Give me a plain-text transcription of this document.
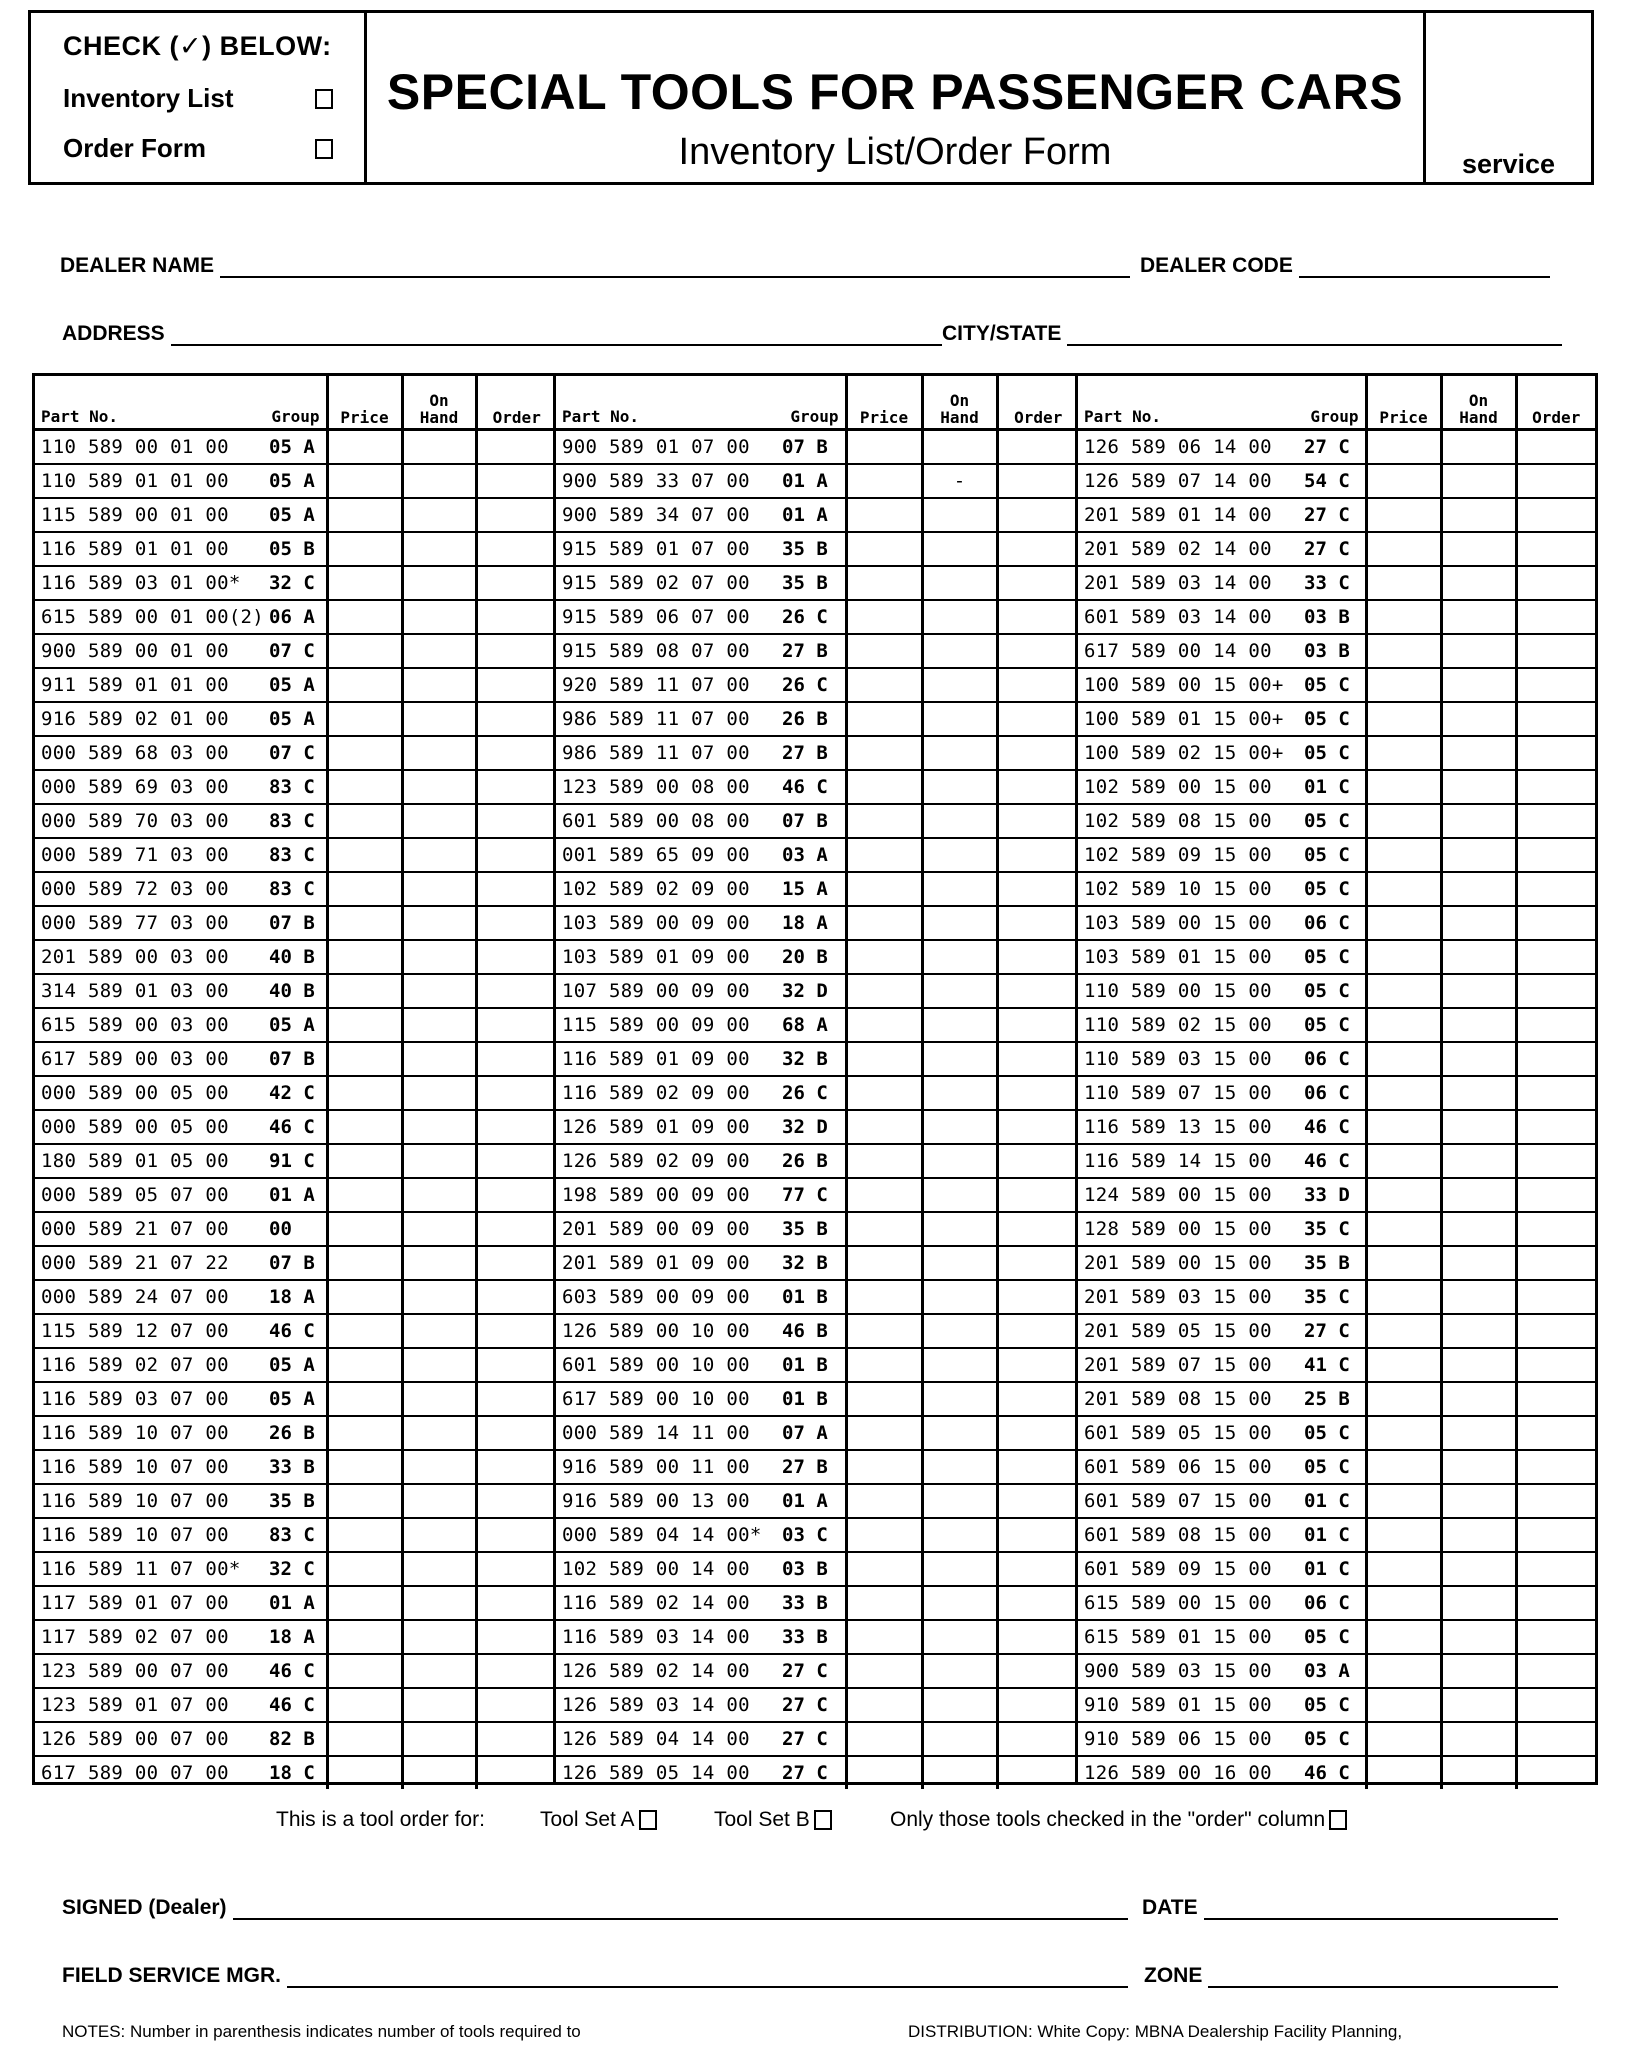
CHECK (✓) BELOW:
Inventory List
Order Form
SPECIAL TOOLS FOR PASSENGER CARS
Inventory List/Order Form	service
DEALER NAME	DEALER CODE
ADDRESS	CITY/STATE
Part No.	Group	Price	On
Hand	Order
110 589 00 01 00	05 A			
110 589 01 01 00	05 A			
115 589 00 01 00	05 A			
116 589 01 01 00	05 B			
116 589 03 01 00*	32 C			
615 589 00 01 00(2)	06 A			
900 589 00 01 00	07 C			
911 589 01 01 00	05 A			
916 589 02 01 00	05 A			
000 589 68 03 00	07 C			
000 589 69 03 00	83 C			
000 589 70 03 00	83 C			
000 589 71 03 00	83 C			
000 589 72 03 00	83 C			
000 589 77 03 00	07 B			
201 589 00 03 00	40 B			
314 589 01 03 00	40 B			
615 589 00 03 00	05 A			
617 589 00 03 00	07 B			
000 589 00 05 00	42 C			
000 589 00 05 00	46 C			
180 589 01 05 00	91 C			
000 589 05 07 00	01 A			
000 589 21 07 00	00			
000 589 21 07 22	07 B			
000 589 24 07 00	18 A			
115 589 12 07 00	46 C			
116 589 02 07 00	05 A			
116 589 03 07 00	05 A			
116 589 10 07 00	26 B			
116 589 10 07 00	33 B			
116 589 10 07 00	35 B			
116 589 10 07 00	83 C			
116 589 11 07 00*	32 C			
117 589 01 07 00	01 A			
117 589 02 07 00	18 A			
123 589 00 07 00	46 C			
123 589 01 07 00	46 C			
126 589 00 07 00	82 B			
617 589 00 07 00	18 C			
Part No.	Group	Price	On
Hand	Order
900 589 01 07 00	07 B			
900 589 33 07 00	01 A		-	
900 589 34 07 00	01 A			
915 589 01 07 00	35 B			
915 589 02 07 00	35 B			
915 589 06 07 00	26 C			
915 589 08 07 00	27 B			
920 589 11 07 00	26 C			
986 589 11 07 00	26 B			
986 589 11 07 00	27 B			
123 589 00 08 00	46 C			
601 589 00 08 00	07 B			
001 589 65 09 00	03 A			
102 589 02 09 00	15 A			
103 589 00 09 00	18 A			
103 589 01 09 00	20 B			
107 589 00 09 00	32 D			
115 589 00 09 00	68 A			
116 589 01 09 00	32 B			
116 589 02 09 00	26 C			
126 589 01 09 00	32 D			
126 589 02 09 00	26 B			
198 589 00 09 00	77 C			
201 589 00 09 00	35 B			
201 589 01 09 00	32 B			
603 589 00 09 00	01 B			
126 589 00 10 00	46 B			
601 589 00 10 00	01 B			
617 589 00 10 00	01 B			
000 589 14 11 00	07 A			
916 589 00 11 00	27 B			
916 589 00 13 00	01 A			
000 589 04 14 00*	03 C			
102 589 00 14 00	03 B			
116 589 02 14 00	33 B			
116 589 03 14 00	33 B			
126 589 02 14 00	27 C			
126 589 03 14 00	27 C			
126 589 04 14 00	27 C			
126 589 05 14 00	27 C			
Part No.	Group	Price	On
Hand	Order
126 589 06 14 00	27 C			
126 589 07 14 00	54 C			
201 589 01 14 00	27 C			
201 589 02 14 00	27 C			
201 589 03 14 00	33 C			
601 589 03 14 00	03 B			
617 589 00 14 00	03 B			
100 589 00 15 00+	05 C			
100 589 01 15 00+	05 C			
100 589 02 15 00+	05 C			
102 589 00 15 00	01 C			
102 589 08 15 00	05 C			
102 589 09 15 00	05 C			
102 589 10 15 00	05 C			
103 589 00 15 00	06 C			
103 589 01 15 00	05 C			
110 589 00 15 00	05 C			
110 589 02 15 00	05 C			
110 589 03 15 00	06 C			
110 589 07 15 00	06 C			
116 589 13 15 00	46 C			
116 589 14 15 00	46 C			
124 589 00 15 00	33 D			
128 589 00 15 00	35 C			
201 589 00 15 00	35 B			
201 589 03 15 00	35 C			
201 589 05 15 00	27 C			
201 589 07 15 00	41 C			
201 589 08 15 00	25 B			
601 589 05 15 00	05 C			
601 589 06 15 00	05 C			
601 589 07 15 00	01 C			
601 589 08 15 00	01 C			
601 589 09 15 00	01 C			
615 589 00 15 00	06 C			
615 589 01 15 00	05 C			
900 589 03 15 00	03 A			
910 589 01 15 00	05 C			
910 589 06 15 00	05 C			
126 589 00 16 00	46 C			
This is a tool order for:	Tool Set A	Tool Set B	Only those tools checked in the "order" column
SIGNED (Dealer)	DATE
FIELD SERVICE MGR.	ZONE
NOTES: Number in parenthesis indicates number of tools required to	DISTRIBUTION: White Copy: MBNA Dealership Facility Planning,
